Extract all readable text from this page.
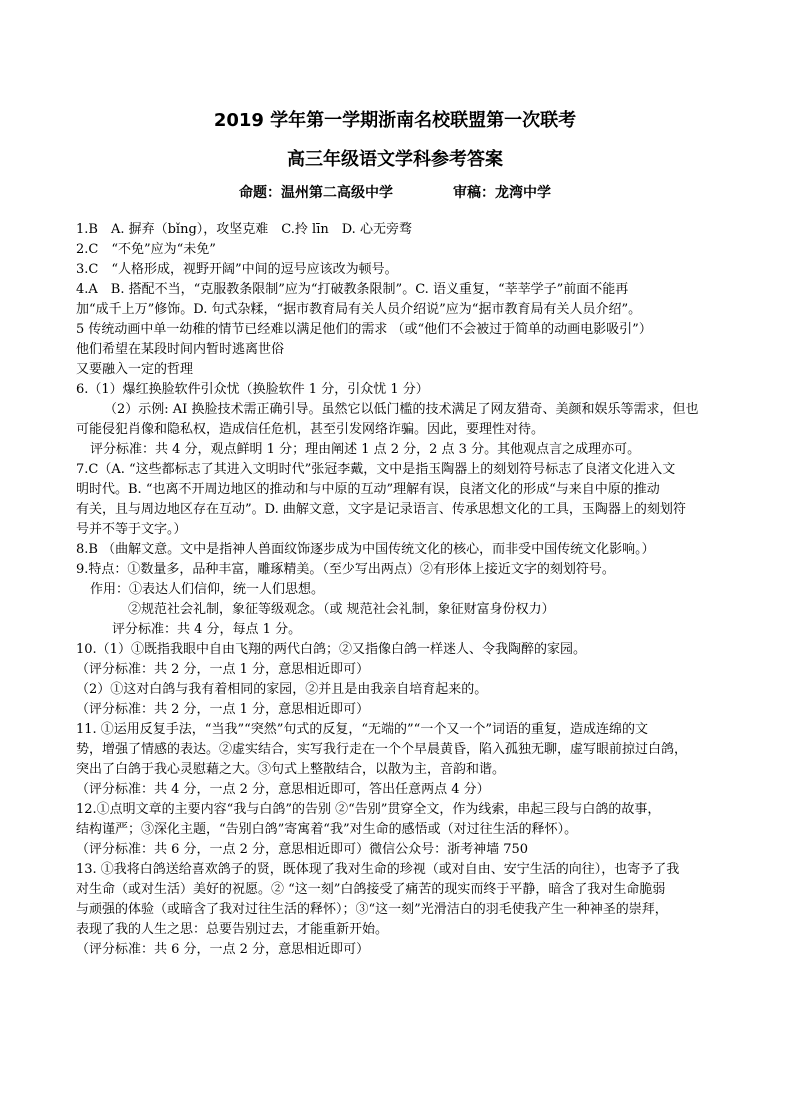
2019 学年第一学期浙南名校联盟第一次联考
高三年级语文学科参考答案
命题：温州第二高级中学	审稿：龙湾中学
1.B　A. 摒弃（bǐng），攻坚克难　C.拎 līn　D. 心无旁骛
2.C　“不免”应为“未免”
3.C　“人格形成，视野开阔”中间的逗号应该改为顿号。
4.A　B. 搭配不当，“克服教条限制”应为“打破教条限制”。C. 语义重复，“莘莘学子”前面不能再
加“成千上万”修饰。D. 句式杂糅，“据市教育局有关人员介绍说”应为“据市教育局有关人员介绍”。
5 传统动画中单一幼稚的情节已经难以满足他们的需求 （或“他们不会被过于简单的动画电影吸引”）
他们希望在某段时间内暂时逃离世俗
又要融入一定的哲理
6.（1）爆红换脸软件引众忧（换脸软件 1 分，引众忧 1 分）
（2）示例: AI 换脸技术需正确引导。虽然它以低门槛的技术满足了网友猎奇、美颜和娱乐等需求，但也
可能侵犯肖像和隐私权，造成信任危机，甚至引发网络诈骗。因此，要理性对待。
评分标准：共 4 分，观点鲜明 1 分；理由阐述 1 点 2 分，2 点 3 分。其他观点言之成理亦可。
7.C（A. “这些都标志了其进入文明时代”张冠李戴，文中是指玉陶器上的刻划符号标志了良渚文化进入文
明时代。B. “也离不开周边地区的推动和与中原的互动”理解有误，良渚文化的形成“与来自中原的推动
有关，且与周边地区存在互动”。D. 曲解文意，文字是记录语言、传承思想文化的工具，玉陶器上的刻划符
号并不等于文字。）
8.B （曲解文意。文中是指神人兽面纹饰逐步成为中国传统文化的核心，而非受中国传统文化影响。）
9.特点：①数量多，品种丰富，雕琢精美。（至少写出两点）②有形体上接近文字的刻划符号。
作用：①表达人们信仰，统一人们思想。
②规范社会礼制，象征等级观念。（或 规范社会礼制，象征财富身份权力）
评分标准：共 4 分，每点 1 分。
10.（1）①既指我眼中自由飞翔的两代白鸽；②又指像白鸽一样迷人、令我陶醉的家园。
（评分标准：共 2 分，一点 1 分，意思相近即可）
（2）①这对白鸽与我有着相同的家园，②并且是由我亲自培育起来的。
（评分标准：共 2 分，一点 1 分，意思相近即可）
11. ①运用反复手法，“当我”“突然”句式的反复，“无端的”“一个又一个”词语的重复，造成连绵的文
势，增强了情感的表达。②虚实结合，实写我行走在一个个早晨黄昏，陷入孤独无聊，虚写眼前掠过白鸽，
突出了白鸽于我心灵慰藉之大。③句式上整散结合，以散为主，音韵和谐。
（评分标准：共 4 分，一点 2 分，意思相近即可，答出任意两点 4 分）
12.①点明文章的主要内容“我与白鸽”的告别 ②“告别”贯穿全文，作为线索，串起三段与白鸽的故事，
结构谨严；③深化主题，“告别白鸽”寄寓着“我”对生命的感悟或（对过往生活的释怀）。
（评分标准：共 6 分，一点 2 分，意思相近即可）微信公众号：浙考神墙 750
13. ①我将白鸽送给喜欢鸽子的贤，既体现了我对生命的珍视（或对自由、安宁生活的向往），也寄予了我
对生命（或对生活）美好的祝愿。② “这一刻”白鸽接受了痛苦的现实而终于平静，暗含了我对生命脆弱
与顽强的体验（或暗含了我对过往生活的释怀）；③“这一刻”光滑洁白的羽毛使我产生一种神圣的崇拜，
表现了我的人生之思：总要告别过去，才能重新开始。
（评分标准：共 6 分，一点 2 分，意思相近即可）
